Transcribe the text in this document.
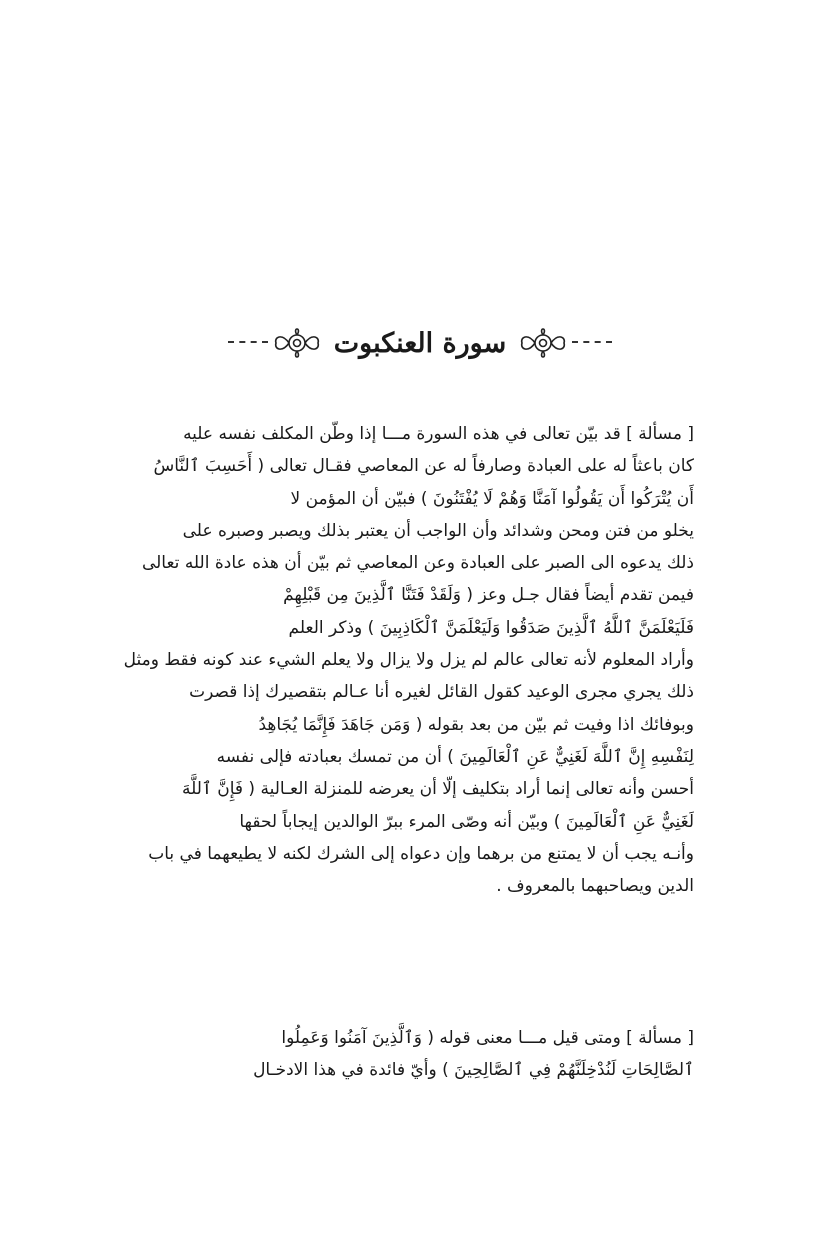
سورة العنكبوت
[ مسألة ] قد بيّن تعالى في هذه السورة مـــا إذا وطّن المكلف نفسه عليه
كان باعثاً له على العبادة وصارفاً له عن المعاصي فقـال تعالى ( أَحَسِبَ ٱلنَّاسُ
أَن يُتْرَكُوا أَن يَقُولُوا آمَنَّا وَهُمْ لَا يُفْتَنُونَ ) فبيّن أن المؤمن لا
يخلو من فتن ومحن وشدائد وأن الواجب أن يعتبر بذلك ويصبر وصبره على
ذلك يدعوه الى الصبر على العبادة وعن المعاصي ثم بيّن أن هذه عادة الله تعالى
فيمن تقدم أيضاً فقال جـل وعز ( وَلَقَدْ فَتَنَّا ٱلَّذِينَ مِن قَبْلِهِمْ
فَلَيَعْلَمَنَّ ٱللَّهُ ٱلَّذِينَ صَدَقُوا وَلَيَعْلَمَنَّ ٱلْكَاذِبِينَ ) وذكر العلم
وأراد المعلوم لأنه تعالى عالم لم يزل ولا يزال ولا يعلم الشيء عند كونه فقط ومثل
ذلك يجري مجرى الوعيد كقول القائل لغيره أنا عـالم بتقصيرك إذا قصرت
وبوفائك اذا وفيت ثم بيّن من بعد بقوله ( وَمَن جَاهَدَ فَإِنَّمَا يُجَاهِدُ
لِنَفْسِهِ إِنَّ ٱللَّهَ لَغَنِيٌّ عَنِ ٱلْعَالَمِينَ ) أن من تمسك بعبادته فإلى نفسه
أحسن وأنه تعالى إنما أراد بتكليف إلّا أن يعرضه للمنزلة العـالية ( فَإِنَّ ٱللَّهَ
لَغَنِيٌّ عَنِ ٱلْعَالَمِينَ ) وبيّن أنه وصّى المرء ببرّ الوالدين إيجاباً لحقها
وأنـه يجب أن لا يمتنع من برهما وإن دعواه إلى الشرك لكنه لا يطيعهما في باب
الدين ويصاحبهما بالمعروف .
[ مسألة ] ومتى قيل مـــا معنى قوله ( وَٱلَّذِينَ آمَنُوا وَعَمِلُوا
ٱلصَّالِحَاتِ لَنُدْخِلَنَّهُمْ فِي ٱلصَّالِحِينَ ) وأيّ فائدة في هذا الادخـال
